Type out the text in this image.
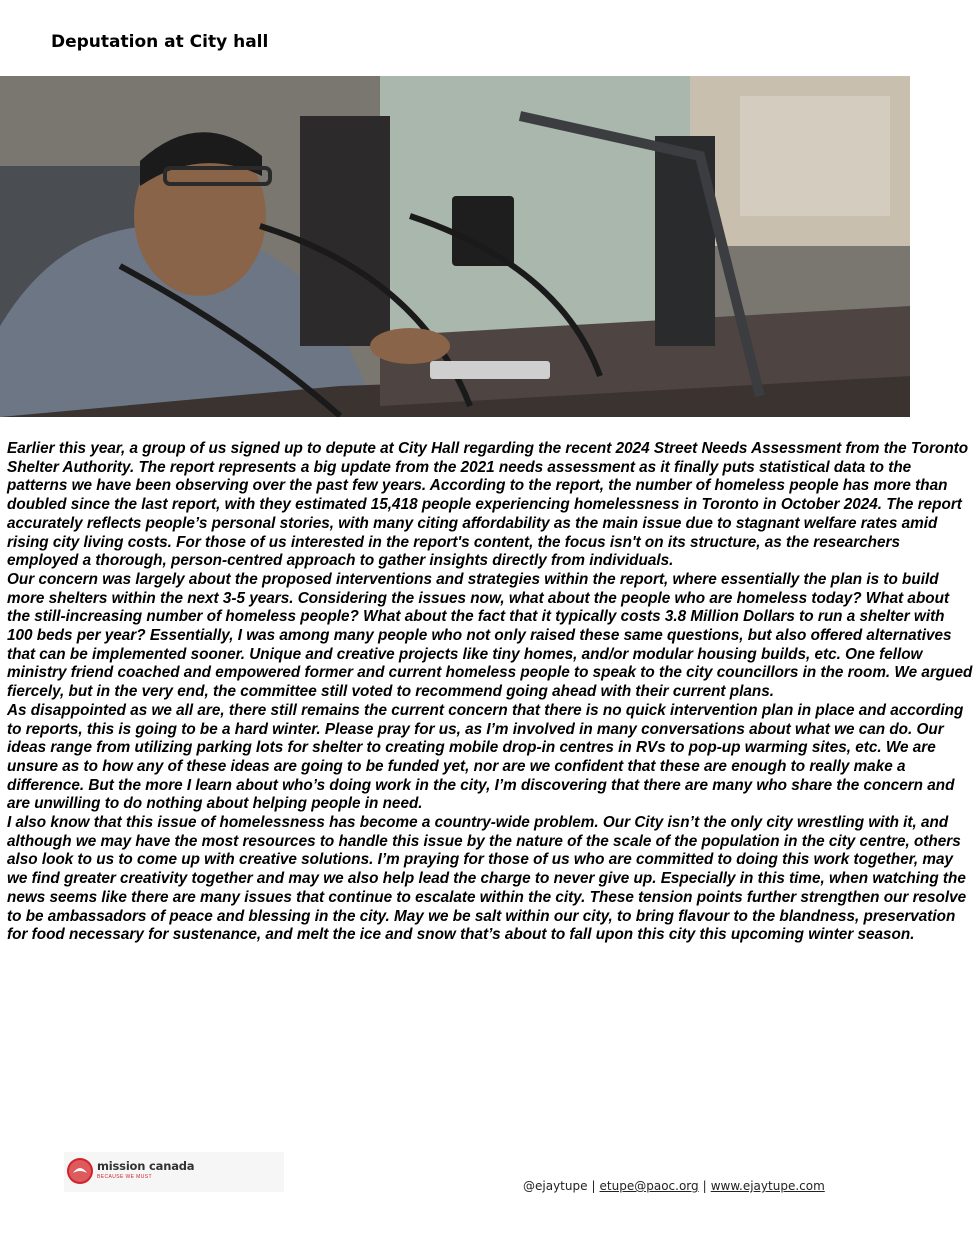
Deputation at City hall

Earlier this year, a group of us signed up to depute at City Hall regarding the recent 2024 Street Needs Assessment from the Toronto Shelter Authority. The report represents a big update from the 2021 needs assessment as it finally puts statistical data to the patterns we have been observing over the past few years. According to the report, the number of homeless people has more than doubled since the last report, with they estimated 15,418 people experiencing homelessness in Toronto in October 2024. The report accurately reflects people’s personal stories, with many citing affordability as the main issue due to stagnant welfare rates amid rising city living costs. For those of us interested in the report's content, the focus isn't on its structure, as the researchers employed a thorough, person-centred approach to gather insights directly from individuals.

Our concern was largely about the proposed interventions and strategies within the report, where essentially the plan is to build more shelters within the next 3-5 years. Considering the issues now, what about the people who are homeless today? What about the still-increasing number of homeless people? What about the fact that it typically costs 3.8 Million Dollars to run a shelter with 100 beds per year? Essentially, I was among many people who not only raised these same questions, but also offered alternatives that can be implemented sooner. Unique and creative projects like tiny homes, and/or modular housing builds, etc. One fellow ministry friend coached and empowered former and current homeless people to speak to the city councillors in the room. We argued fiercely, but in the very end, the committee still voted to recommend going ahead with their current plans.

As disappointed as we all are, there still remains the current concern that there is no quick intervention plan in place and according to reports, this is going to be a hard winter. Please pray for us, as I’m involved in many conversations about what we can do. Our ideas range from utilizing parking lots for shelter to creating mobile drop-in centres in RVs to pop-up warming sites, etc. We are unsure as to how any of these ideas are going to be funded yet, nor are we confident that these are enough to really make a difference. But the more I learn about who’s doing work in the city, I’m discovering that there are many who share the concern and are unwilling to do nothing about helping people in need.

I also know that this issue of homelessness has become a country-wide problem. Our City isn’t the only city wrestling with it, and although we may have the most resources to handle this issue by the nature of the scale of the population in the city centre, others also look to us to come up with creative solutions. I’m praying for those of us who are committed to doing this work together, may we find greater creativity together and may we also help lead the charge to never give up. Especially in this time, when watching the news seems like there are many issues that continue to escalate within the city. These tension points further strengthen our resolve to be ambassadors of peace and blessing in the city. May we be salt within our city, to bring flavour to the blandness, preservation for food necessary for sustenance, and melt the ice and snow that’s about to fall upon this city this upcoming winter season.

mission canada
BECAUSE WE MUST
@ejaytupe | etupe@paoc.org | www.ejaytupe.com
